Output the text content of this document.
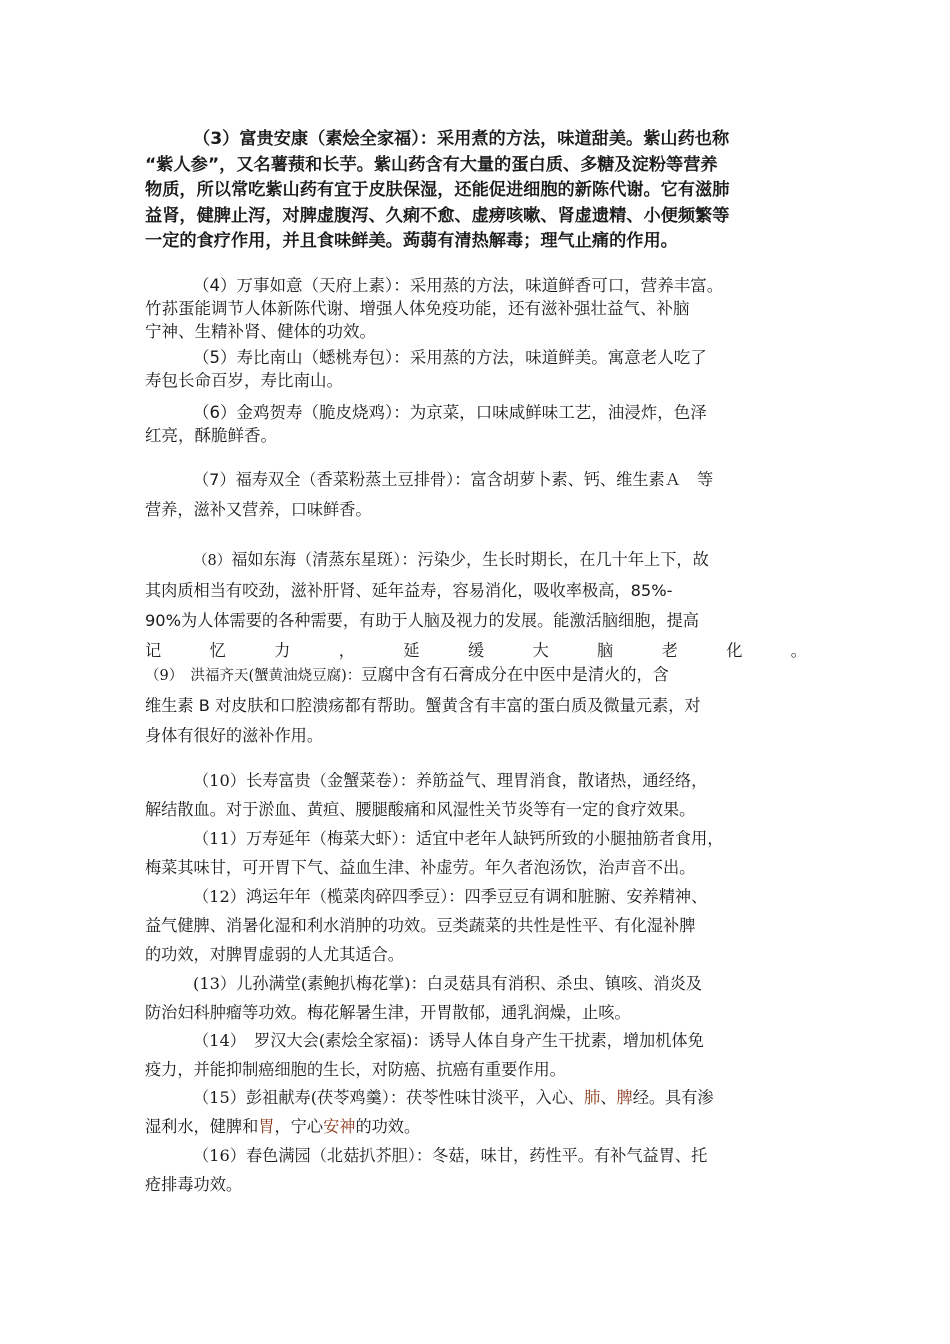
（3）富贵安康（素烩全家福）：采用煮的方法，味道甜美。紫山药也称
“紫人参”，又名薯蓣和长芋。紫山药含有大量的蛋白质、多糖及淀粉等营养
物质，所以常吃紫山药有宜于皮肤保湿，还能促进细胞的新陈代谢。它有滋肺
益肾，健脾止泻，对脾虚腹泻、久痢不愈、虚痨咳嗽、肾虚遗精、小便频繁等
一定的食疗作用，并且食味鲜美。蒟蒻有清热解毒；理气止痛的作用。
（4）万事如意（天府上素）：采用蒸的方法，味道鲜香可口，营养丰富。
竹荪蛋能调节人体新陈代谢、增强人体免疫功能，还有滋补强壮益气、补脑
宁神、生精补肾、健体的功效。
（5）寿比南山（蟋桃寿包）：采用蒸的方法，味道鲜美。寓意老人吃了
寿包长命百岁，寿比南山。
（6）金鸡贺寿（脆皮烧鸡）：为京菜，口味咸鲜味工艺，油浸炸，色泽
红亮，酥脆鲜香。
（7）福寿双全（香菜粉蒸土豆排骨）：富含胡萝卜素、钙、维生素Ａ　等
营养，滋补又营养，口味鲜香。
（8）福如东海（清蒸东星斑）：污染少，生长时期长，在几十年上下，故
其肉质相当有咬劲，滋补肝肾、延年益寿，容易消化，吸收率极高，85%-
90%为人体需要的各种需要，有助于人脑及视力的发展。能激活脑细胞，提高
记	忆	力	，	延	缓	大	脑	老	化	。
（9）　洪福齐天(蟹黄油烧豆腐)：豆腐中含有石膏成分在中医中是清火的，含
维生素 B 对皮肤和口腔溃疡都有帮助。蟹黄含有丰富的蛋白质及微量元素，对
身体有很好的滋补作用。
（10）长寿富贵（金蟹菜卷）：养筋益气、理胃消食，散诸热，通经络，
解结散血。对于淤血、黄疸、腰腿酸痛和风湿性关节炎等有一定的食疗效果。
（11）万寿延年（梅菜大虾）：适宜中老年人缺钙所致的小腿抽筋者食用，
梅菜其味甘，可开胃下气、益血生津、补虚劳。年久者泡汤饮，治声音不出。
（12）鸿运年年（榄菜肉碎四季豆）：四季豆豆有调和脏腑、安养精神、
益气健脾、消暑化湿和利水消肿的功效。豆类蔬菜的共性是性平、有化湿补脾
的功效，对脾胃虚弱的人尤其适合。
(13）儿孙满堂(素鲍扒梅花掌)：白灵菇具有消积、杀虫、镇咳、消炎及
防治妇科肿瘤等功效。梅花解暑生津，开胃散郁，通乳润燥，止咳。
（14）　罗汉大会(素烩全家福)：诱导人体自身产生干扰素，增加机体免
疫力，并能抑制癌细胞的生长，对防癌、抗癌有重要作用。
（15）彭祖献寿(茯苓鸡羹）：茯苓性味甘淡平，入心、肺、脾经。具有渗
湿利水，健脾和胃，宁心安神的功效。
（16）春色满园（北菇扒芥胆）：冬菇，味甘，药性平。有补气益胃、托
疮排毒功效。
